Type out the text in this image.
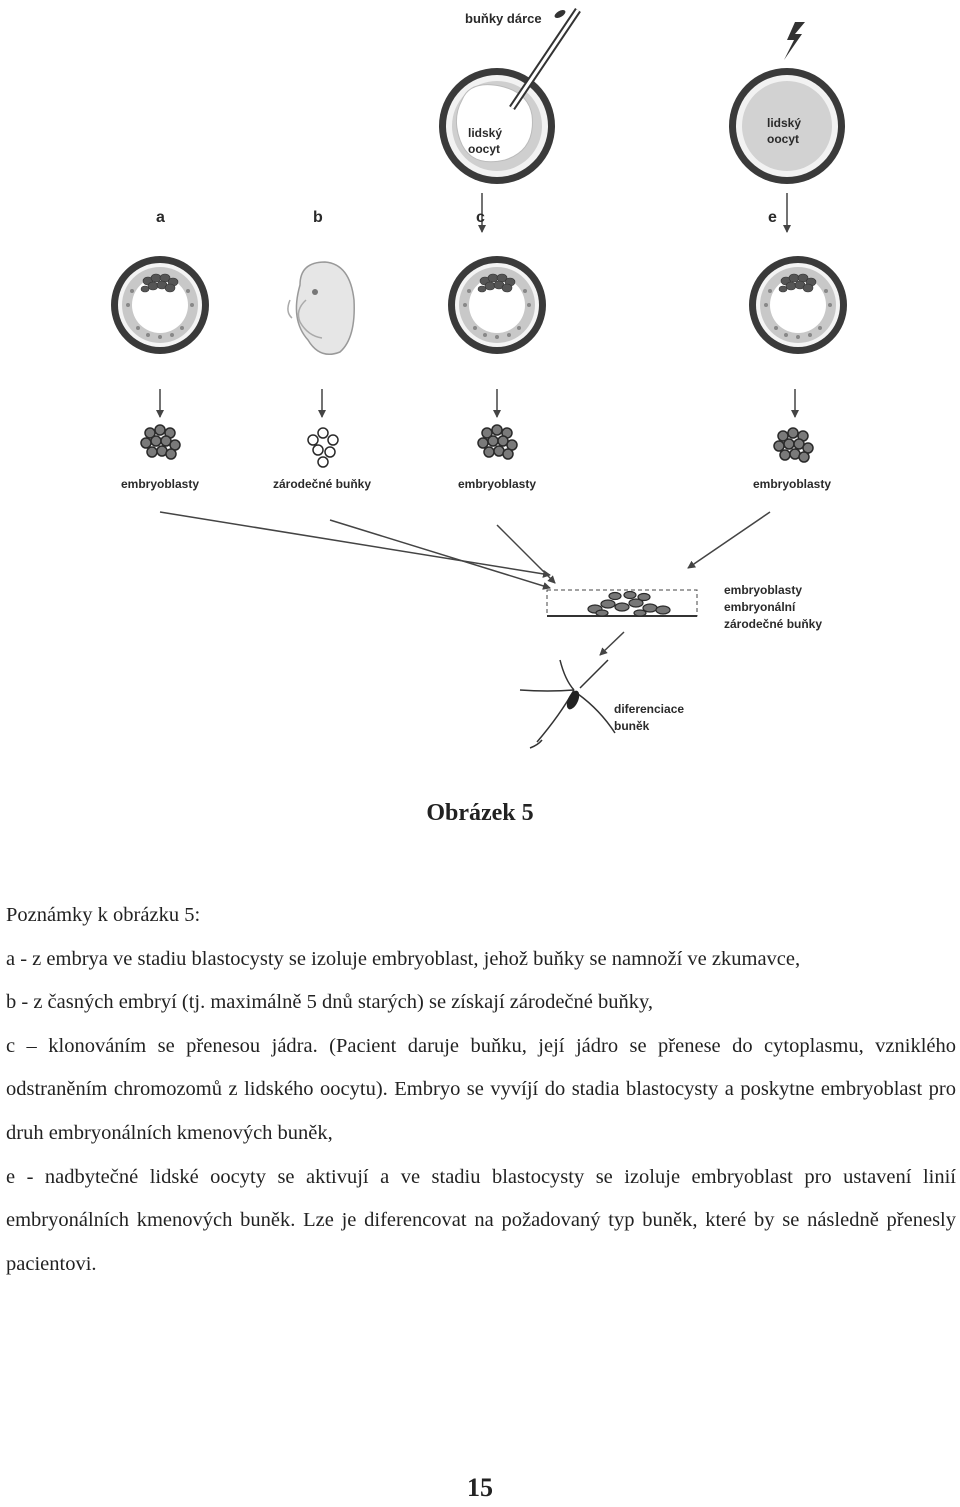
buňky dárce
lidský oocyt
lidský oocyt
a	b	c	e
embryoblasty	zárodečné buňky	embryoblasty	embryoblasty
embryoblasty
embryonální
zárodečné buňky
diferenciace
buněk

Obrázek 5

Poznámky k obrázku 5:

a - z embrya ve stadiu blastocysty se izoluje embryoblast, jehož buňky se namnoží ve zkumavce,

b - z časných embryí (tj. maximálně 5 dnů starých) se získají zárodečné buňky,

c – klonováním se přenesou jádra. (Pacient daruje buňku, její jádro se přenese do cytoplasmu, vzniklého odstraněním chromozomů z lidského oocytu). Embryo se vyvíjí do stadia blastocysty a poskytne embryoblast pro druh embryonálních kmenových buněk,

e - nadbytečné lidské oocyty se aktivují a ve stadiu blastocysty se izoluje embryoblast pro ustavení linií embryonálních kmenových buněk. Lze je diferencovat na požadovaný typ buněk, které by se následně přenesly pacientovi.

15
